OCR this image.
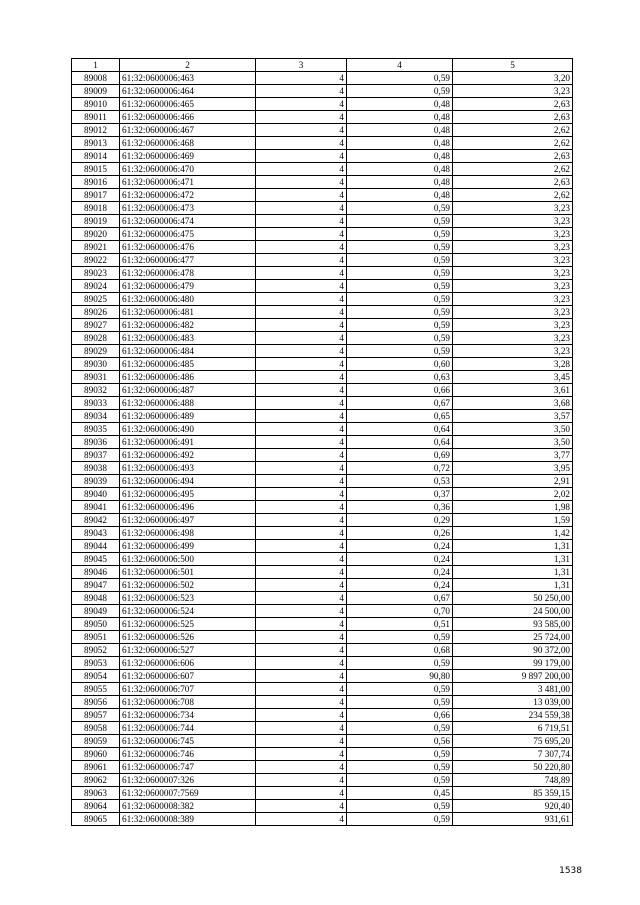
1	2	3	4	5
89008	61:32:0600006:463	4	0,59	3,20
89009	61:32:0600006:464	4	0,59	3,23
89010	61:32:0600006:465	4	0,48	2,63
89011	61:32:0600006:466	4	0,48	2,63
89012	61:32:0600006:467	4	0,48	2,62
89013	61:32:0600006:468	4	0,48	2,62
89014	61:32:0600006:469	4	0,48	2,63
89015	61:32:0600006:470	4	0,48	2,62
89016	61:32:0600006:471	4	0,48	2,63
89017	61:32:0600006:472	4	0,48	2,62
89018	61:32:0600006:473	4	0,59	3,23
89019	61:32:0600006:474	4	0,59	3,23
89020	61:32:0600006:475	4	0,59	3,23
89021	61:32:0600006:476	4	0,59	3,23
89022	61:32:0600006:477	4	0,59	3,23
89023	61:32:0600006:478	4	0,59	3,23
89024	61:32:0600006:479	4	0,59	3,23
89025	61:32:0600006:480	4	0,59	3,23
89026	61:32:0600006:481	4	0,59	3,23
89027	61:32:0600006:482	4	0,59	3,23
89028	61:32:0600006:483	4	0,59	3,23
89029	61:32:0600006:484	4	0,59	3,23
89030	61:32:0600006:485	4	0,60	3,28
89031	61:32:0600006:486	4	0,63	3,45
89032	61:32:0600006:487	4	0,66	3,61
89033	61:32:0600006:488	4	0,67	3,68
89034	61:32:0600006:489	4	0,65	3,57
89035	61:32:0600006:490	4	0,64	3,50
89036	61:32:0600006:491	4	0,64	3,50
89037	61:32:0600006:492	4	0,69	3,77
89038	61:32:0600006:493	4	0,72	3,95
89039	61:32:0600006:494	4	0,53	2,91
89040	61:32:0600006:495	4	0,37	2,02
89041	61:32:0600006:496	4	0,36	1,98
89042	61:32:0600006:497	4	0,29	1,59
89043	61:32:0600006:498	4	0,26	1,42
89044	61:32:0600006:499	4	0,24	1,31
89045	61:32:0600006:500	4	0,24	1,31
89046	61:32:0600006:501	4	0,24	1,31
89047	61:32:0600006:502	4	0,24	1,31
89048	61:32:0600006:523	4	0,67	50 250,00
89049	61:32:0600006:524	4	0,70	24 500,00
89050	61:32:0600006:525	4	0,51	93 585,00
89051	61:32:0600006:526	4	0,59	25 724,00
89052	61:32:0600006:527	4	0,68	90 372,00
89053	61:32:0600006:606	4	0,59	99 179,00
89054	61:32:0600006:607	4	90,80	9 897 200,00
89055	61:32:0600006:707	4	0,59	3 481,00
89056	61:32:0600006:708	4	0,59	13 039,00
89057	61:32:0600006:734	4	0,66	234 559,38
89058	61:32:0600006:744	4	0,59	6 719,51
89059	61:32:0600006:745	4	0,56	75 695,20
89060	61:32:0600006:746	4	0,59	7 307,74
89061	61:32:0600006:747	4	0,59	50 220,80
89062	61:32:0600007:326	4	0,59	748,89
89063	61:32:0600007:7569	4	0,45	85 359,15
89064	61:32:0600008:382	4	0,59	920,40
89065	61:32:0600008:389	4	0,59	931,61
1538
